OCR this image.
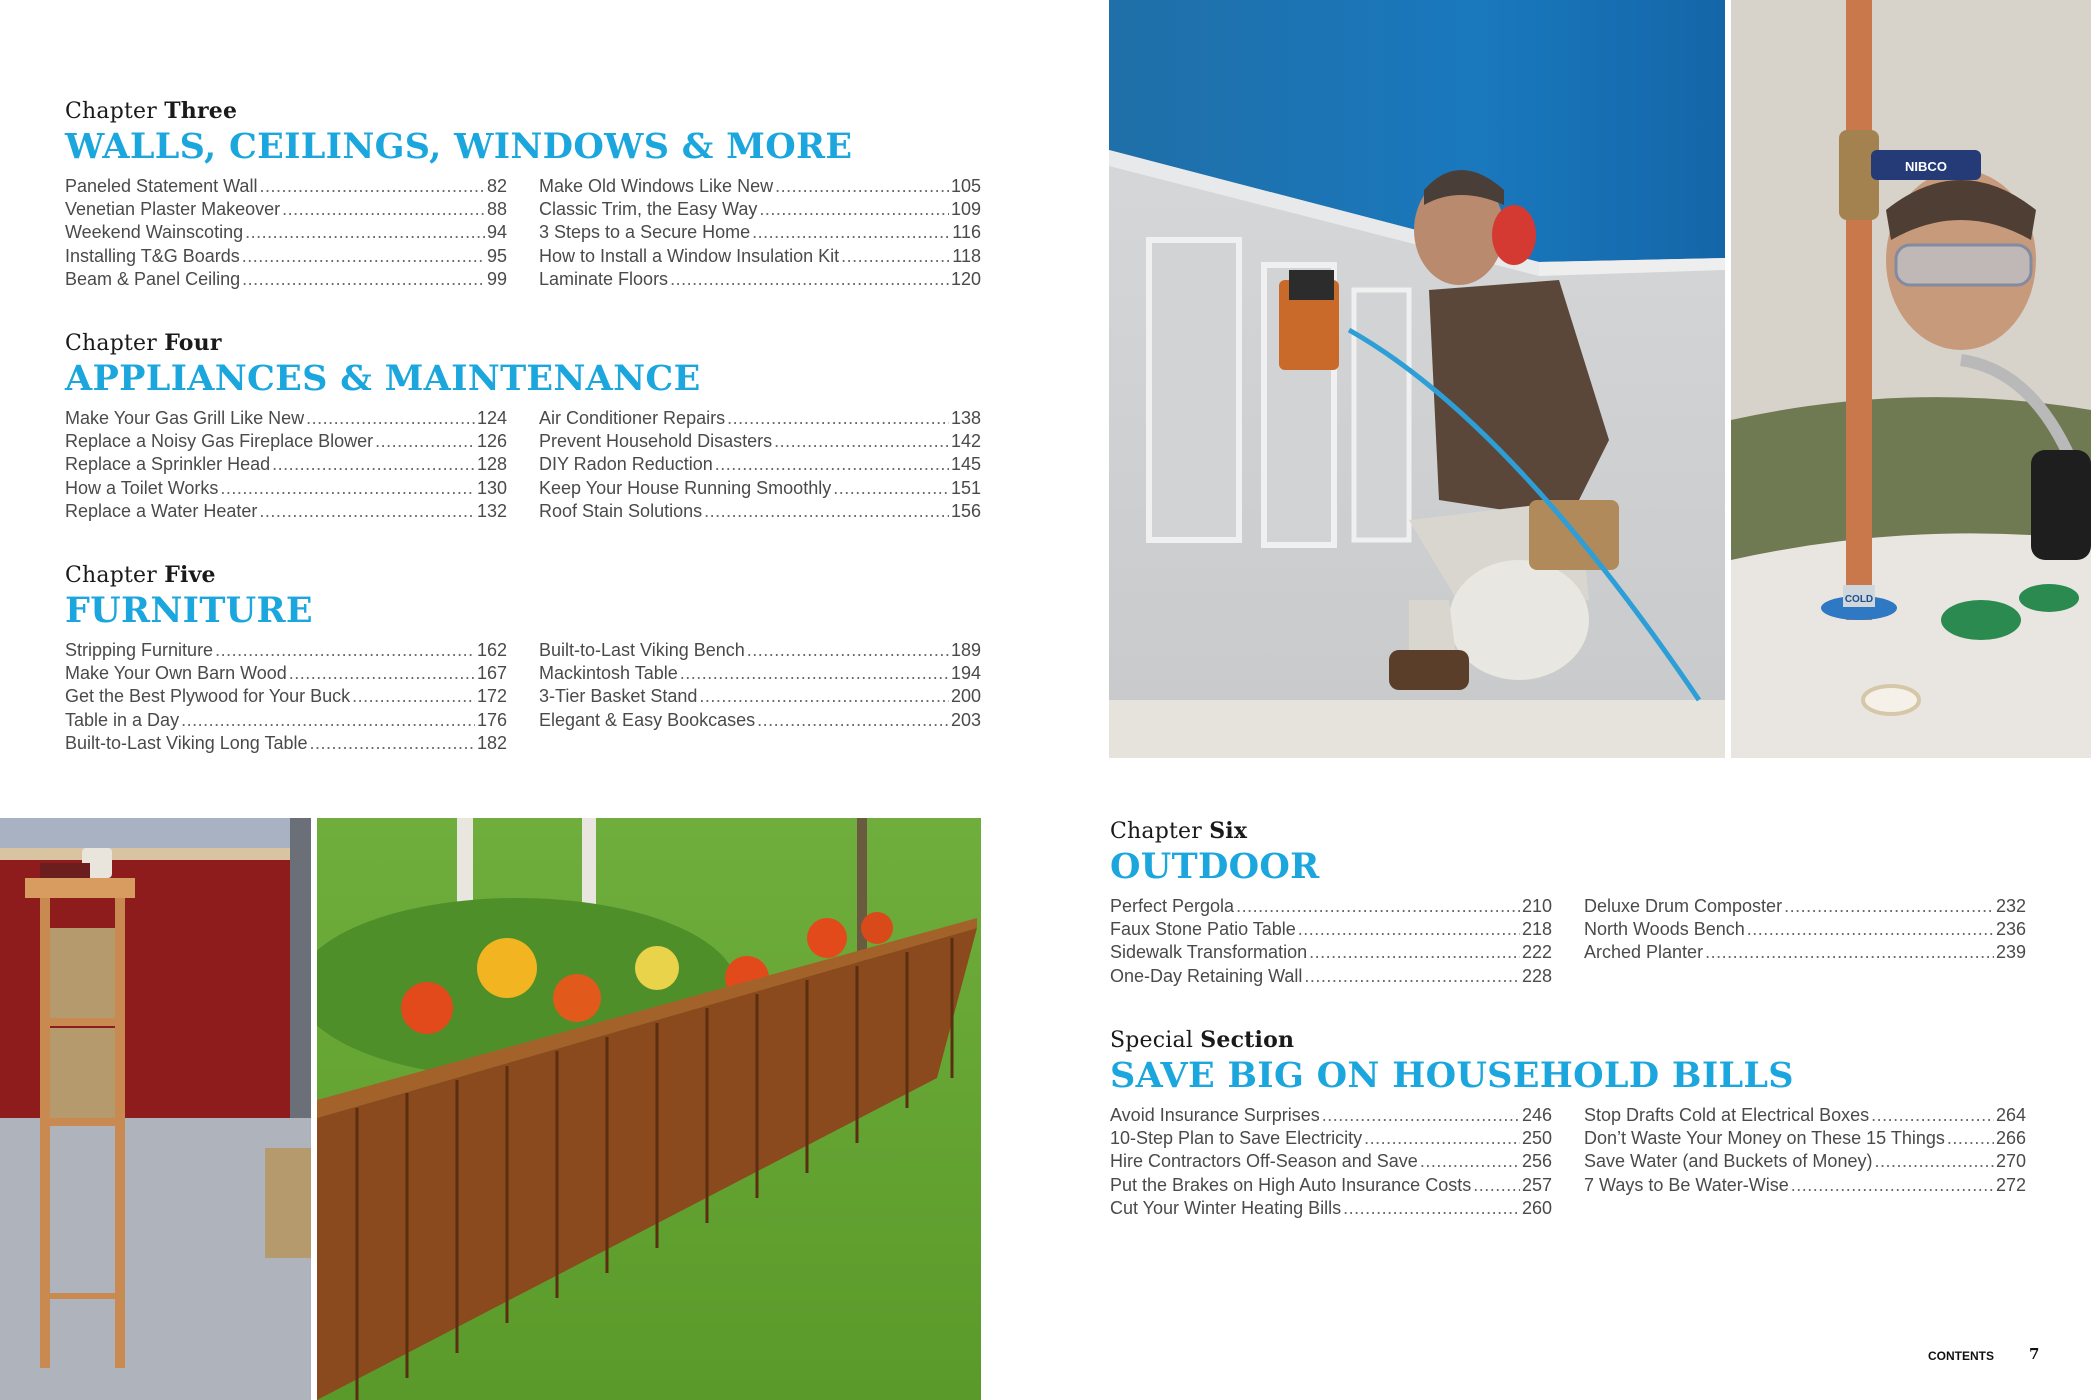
Chapter Three
WALLS, CEILINGS, WINDOWS & MORE
Paneled Statement Wall .....	82
Venetian Plaster Makeover .....	88
Weekend Wainscoting .....	94
Installing T&G Boards .....	95
Beam & Panel Ceiling .....	99
Make Old Windows Like New .....	105
Classic Trim, the Easy Way .....	109
3 Steps to a Secure Home .....	116
How to Install a Window Insulation Kit .....	118
Laminate Floors .....	120
Chapter Four
APPLIANCES & MAINTENANCE
Make Your Gas Grill Like New .....	124
Replace a Noisy Gas Fireplace Blower .....	126
Replace a Sprinkler Head .....	128
How a Toilet Works .....	130
Replace a Water Heater .....	132
Air Conditioner Repairs .....	138
Prevent Household Disasters .....	142
DIY Radon Reduction .....	145
Keep Your House Running Smoothly .....	151
Roof Stain Solutions .....	156
Chapter Five
FURNITURE
Stripping Furniture .....	162
Make Your Own Barn Wood .....	167
Get the Best Plywood for Your Buck .....	172
Table in a Day .....	176
Built-to-Last Viking Long Table .....	182
Built-to-Last Viking Bench .....	189
Mackintosh Table .....	194
3-Tier Basket Stand .....	200
Elegant & Easy Bookcases .....	203
Chapter Six
OUTDOOR
Perfect Pergola .....	210
Faux Stone Patio Table .....	218
Sidewalk Transformation .....	222
One-Day Retaining Wall .....	228
Deluxe Drum Composter .....	232
North Woods Bench .....	236
Arched Planter .....	239
Special Section
SAVE BIG ON HOUSEHOLD BILLS
Avoid Insurance Surprises .....	246
10-Step Plan to Save Electricity .....	250
Hire Contractors Off-Season and Save .....	256
Put the Brakes on High Auto Insurance Costs .....	257
Cut Your Winter Heating Bills .....	260
Stop Drafts Cold at Electrical Boxes .....	264
Don’t Waste Your Money on These 15 Things .....	266
Save Water (and Buckets of Money) .....	270
7 Ways to Be Water-Wise .....	272
NIBCO
COLD
CONTENTS 7
